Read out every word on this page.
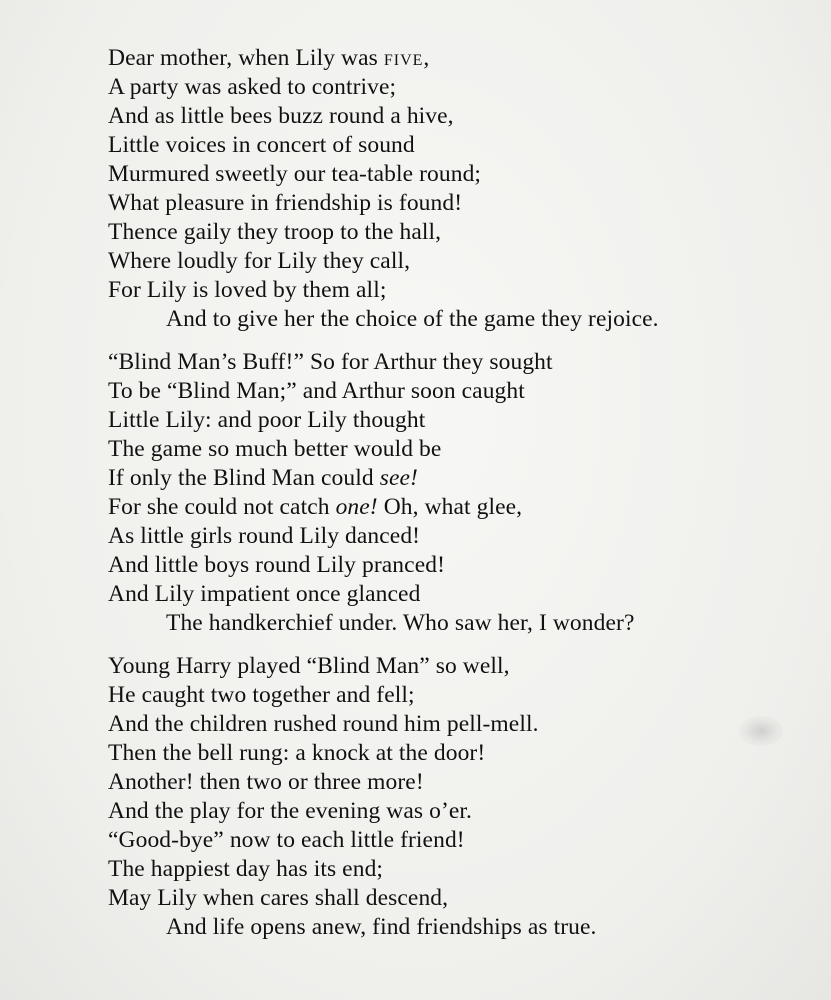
Dear mother, when Lily was five,
A party was asked to contrive;
And as little bees buzz round a hive,
Little voices in concert of sound
Murmured sweetly our tea-table round;
What pleasure in friendship is found!
Thence gaily they troop to the hall,
Where loudly for Lily they call,
For Lily is loved by them all;
And to give her the choice of the game they rejoice.
“Blind Man’s Buff!” So for Arthur they sought
To be “Blind Man;” and Arthur soon caught
Little Lily: and poor Lily thought
The game so much better would be
If only the Blind Man could see!
For she could not catch one! Oh, what glee,
As little girls round Lily danced!
And little boys round Lily pranced!
And Lily impatient once glanced
The handkerchief under. Who saw her, I wonder?
Young Harry played “Blind Man” so well,
He caught two together and fell;
And the children rushed round him pell-mell.
Then the bell rung: a knock at the door!
Another! then two or three more!
And the play for the evening was o’er.
“Good-bye” now to each little friend!
The happiest day has its end;
May Lily when cares shall descend,
And life opens anew, find friendships as true.
